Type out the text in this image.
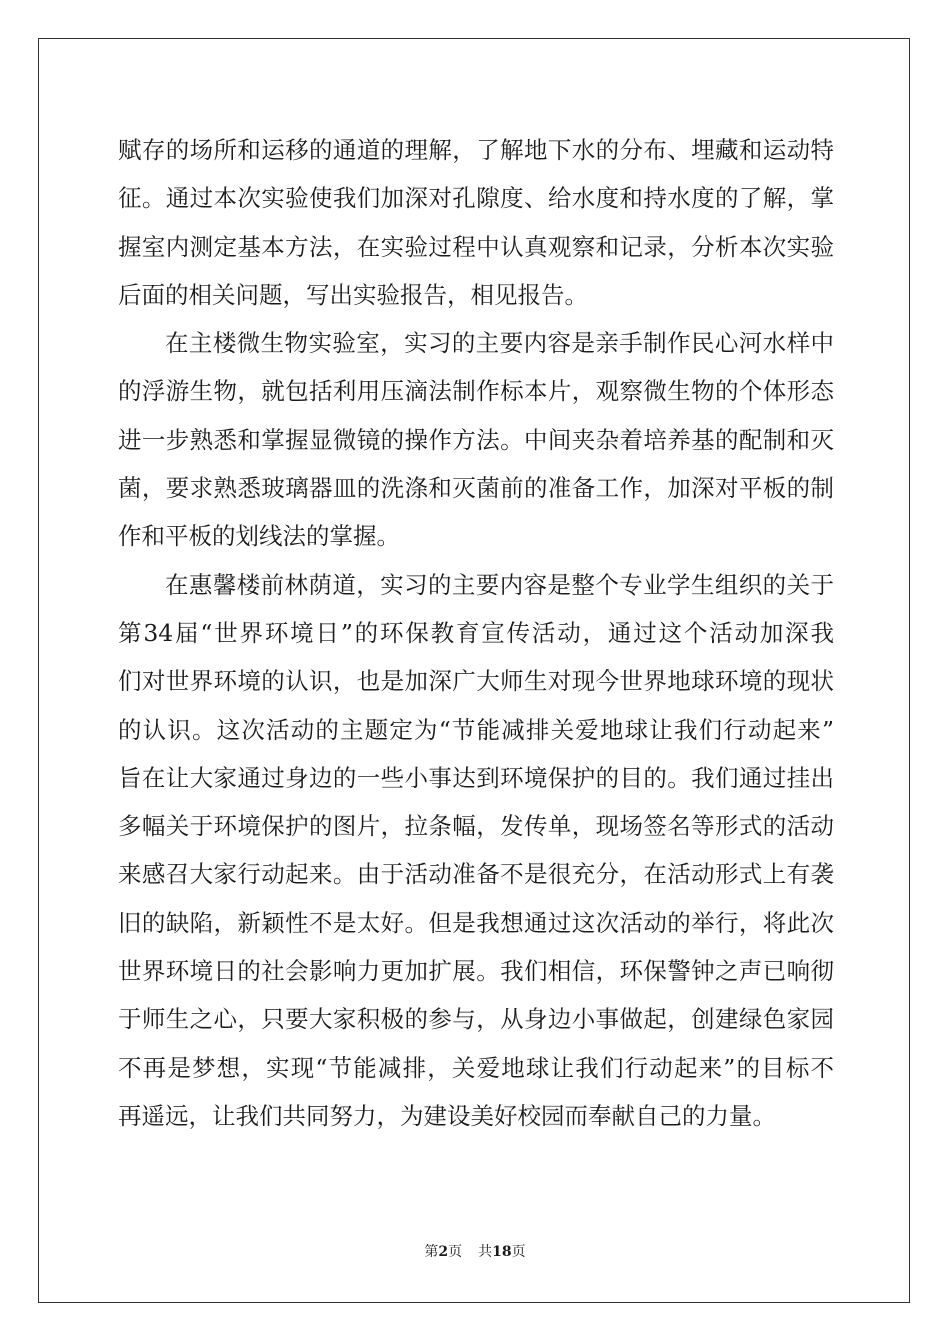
赋存的场所和运移的通道的理解，了解地下水的分布、埋藏和运动特
征。通过本次实验使我们加深对孔隙度、给水度和持水度的了解，掌
握室内测定基本方法，在实验过程中认真观察和记录，分析本次实验
后面的相关问题，写出实验报告，相见报告。
在主楼微生物实验室，实习的主要内容是亲手制作民心河水样中
的浮游生物，就包括利用压滴法制作标本片，观察微生物的个体形态
进一步熟悉和掌握显微镜的操作方法。中间夹杂着培养基的配制和灭
菌，要求熟悉玻璃器皿的洗涤和灭菌前的准备工作，加深对平板的制
作和平板的划线法的掌握。
在惠馨楼前林荫道，实习的主要内容是整个专业学生组织的关于
第34届“世界环境日”的环保教育宣传活动，通过这个活动加深我
们对世界环境的认识，也是加深广大师生对现今世界地球环境的现状
的认识。这次活动的主题定为“节能减排关爱地球让我们行动起来”
旨在让大家通过身边的一些小事达到环境保护的目的。我们通过挂出
多幅关于环境保护的图片，拉条幅，发传单，现场签名等形式的活动
来感召大家行动起来。由于活动准备不是很充分，在活动形式上有袭
旧的缺陷，新颖性不是太好。但是我想通过这次活动的举行，将此次
世界环境日的社会影响力更加扩展。我们相信，环保警钟之声已响彻
于师生之心，只要大家积极的参与，从身边小事做起，创建绿色家园
不再是梦想，实现“节能减排，关爱地球让我们行动起来”的目标不
再遥远，让我们共同努力，为建设美好校园而奉献自己的力量。
第2页 共18页
